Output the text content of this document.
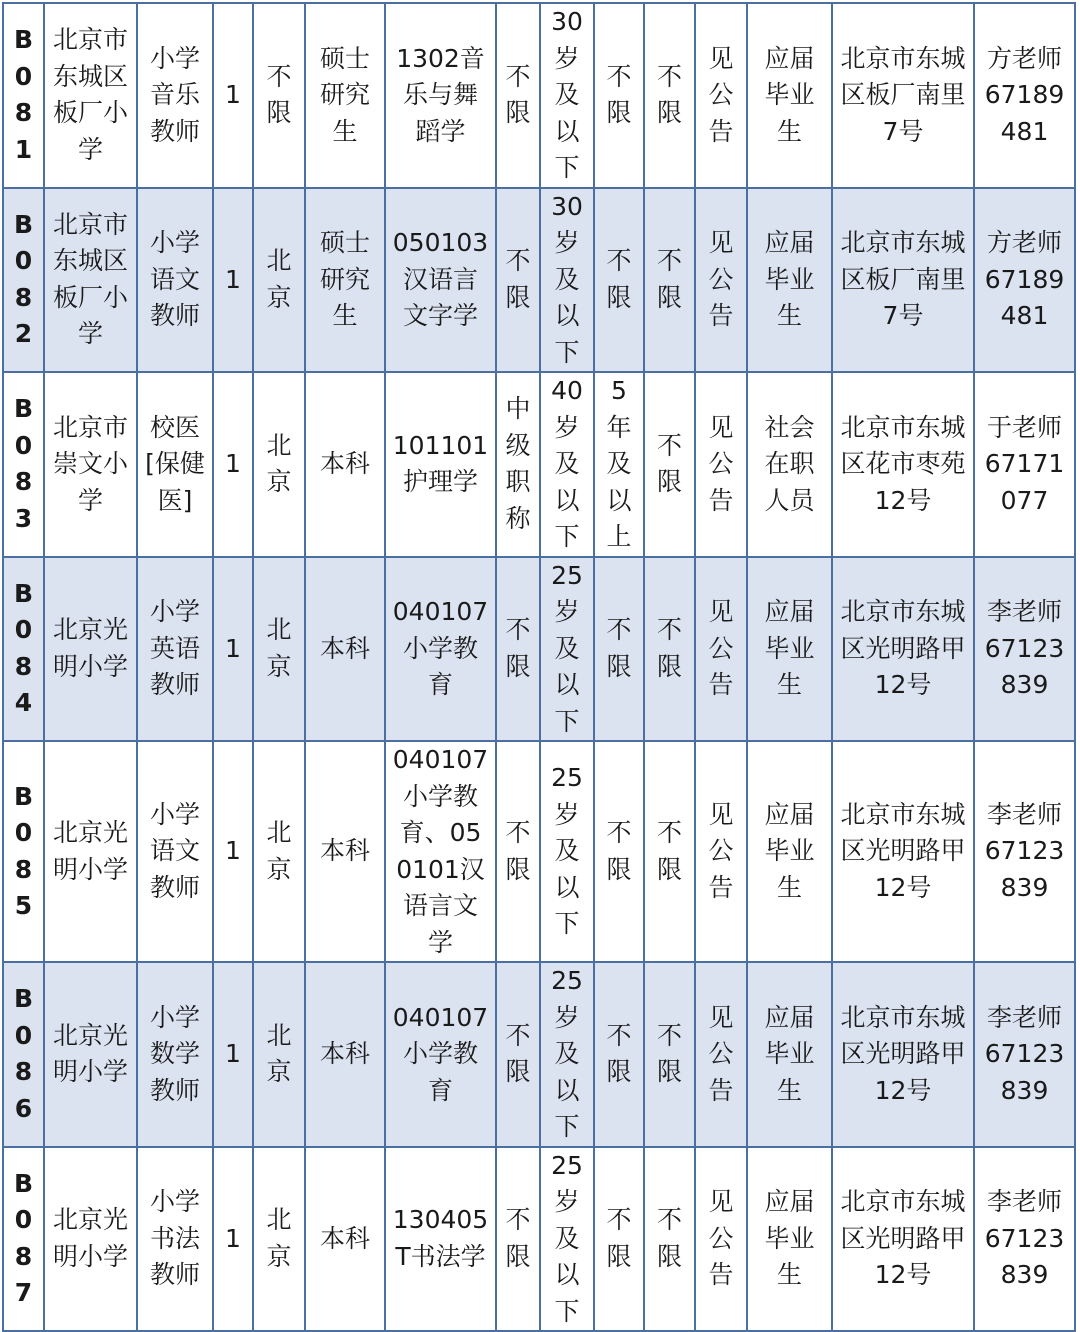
B081	北京市东城区板厂小学	小学音乐教师	1	不限	硕士研究生	1302音乐与舞蹈学	不限	30岁及以下	不限	不限	见公告	应届毕业生	北京市东城区板厂南里7号	方老师67189481
B082	北京市东城区板厂小学	小学语文教师	1	北京	硕士研究生	050103汉语言文字学	不限	30岁及以下	不限	不限	见公告	应届毕业生	北京市东城区板厂南里7号	方老师67189481
B083	北京市崇文小学	校医[保健医]	1	北京	本科	101101护理学	中级职称	40岁及以下	5年及以上	不限	见公告	社会在职人员	北京市东城区花市枣苑12号	于老师67171077
B084	北京光明小学	小学英语教师	1	北京	本科	040107小学教育	不限	25岁及以下	不限	不限	见公告	应届毕业生	北京市东城区光明路甲12号	李老师67123839
B085	北京光明小学	小学语文教师	1	北京	本科	040107小学教育、050101汉语言文学	不限	25岁及以下	不限	不限	见公告	应届毕业生	北京市东城区光明路甲12号	李老师67123839
B086	北京光明小学	小学数学教师	1	北京	本科	040107小学教育	不限	25岁及以下	不限	不限	见公告	应届毕业生	北京市东城区光明路甲12号	李老师67123839
B087	北京光明小学	小学书法教师	1	北京	本科	130405T书法学	不限	25岁及以下	不限	不限	见公告	应届毕业生	北京市东城区光明路甲12号	李老师67123839
